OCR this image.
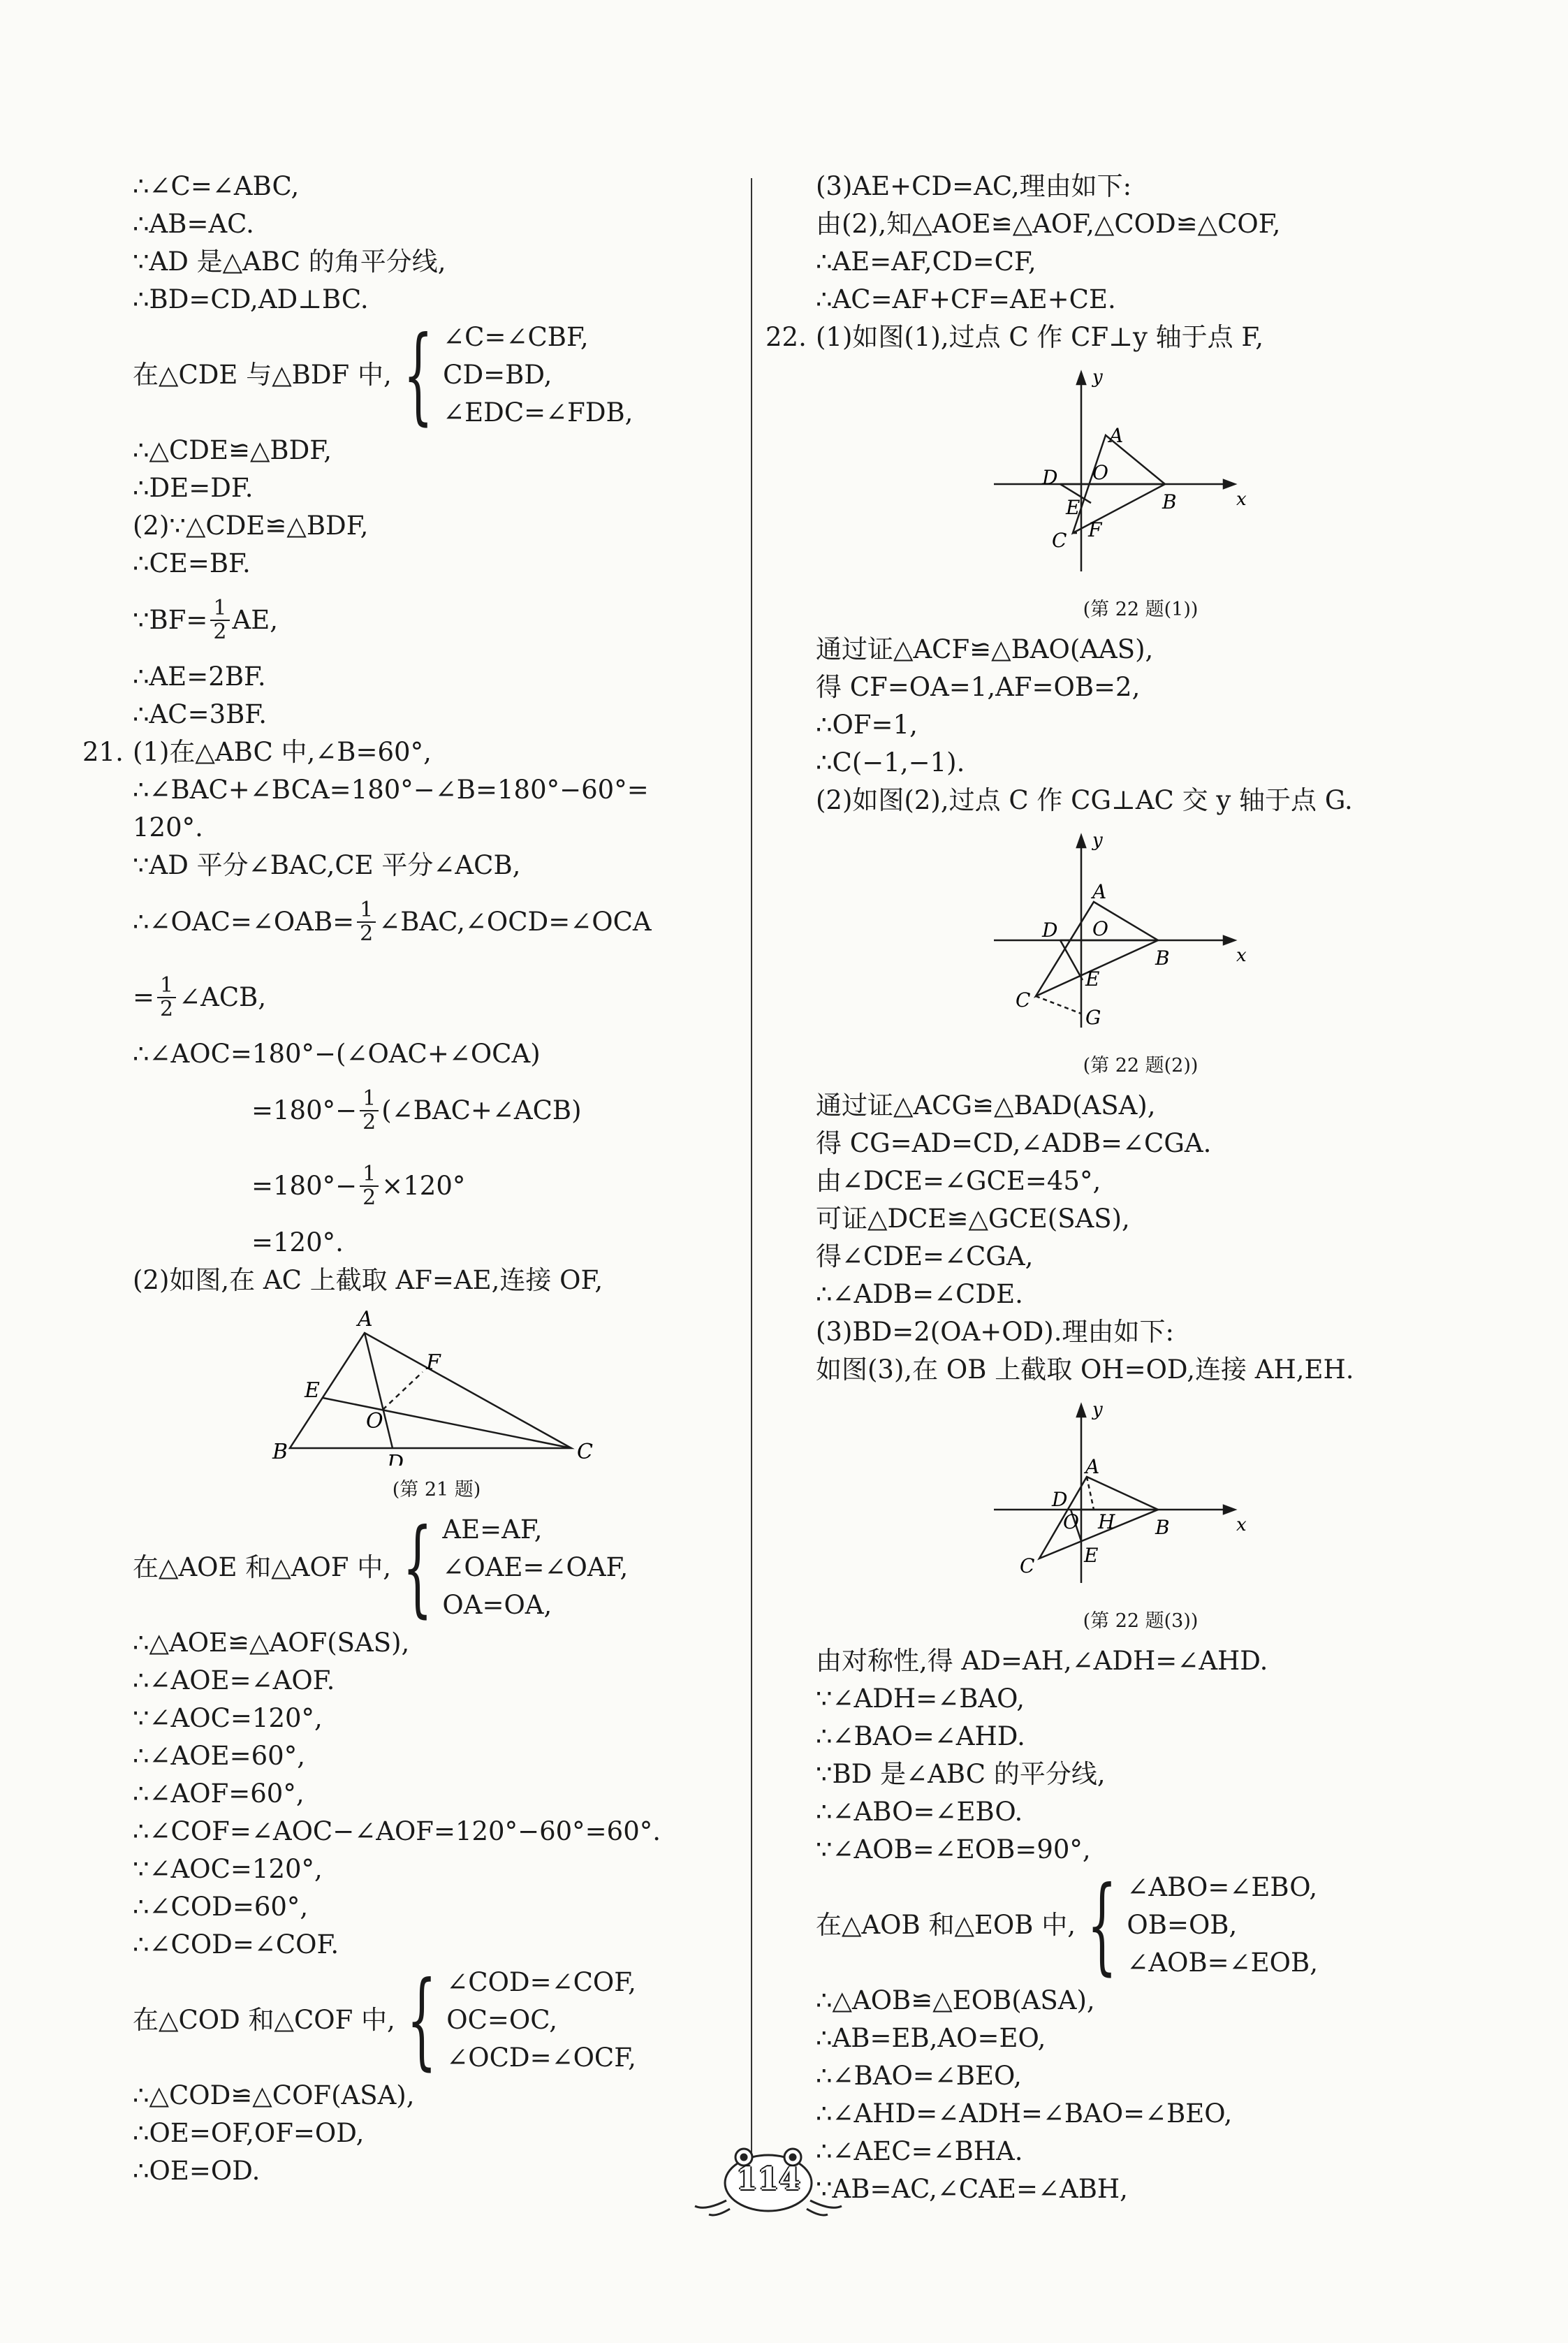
∴∠C=∠ABC,
∴AB=AC.
∵AD 是△ABC 的角平分线,
∴BD=CD,AD⊥BC.
在△CDE 与△BDF 中, { ∠C=∠CBF,
CD=BD,
∠EDC=∠FDB,
∴△CDE≌△BDF,
∴DE=DF.
(2)∵△CDE≌△BDF,
∴CE=BF.
∵BF= $\frac{1}{2}$ AE,
∴AE=2BF.
∴AC=3BF.
21. (1)在△ABC 中,∠B=60°,
∴∠BAC+∠BCA=180°−∠B=180°−60°=
120°.
∵AD 平分∠BAC,CE 平分∠ACB,
∴∠OAC=∠OAB= $\frac{1}{2}$ ∠BAC,∠OCD=∠OCA
= $\frac{1}{2}$ ∠ACB,
∴∠AOC=180°−(∠OAC+∠OCA)
$=180^\circ- \frac{1}{2}$ (∠BAC+∠ACB)
$=180^\circ- \frac{1}{2} \times 120^\circ$
=120°.
(2)如图,在 AC 上截取 AF=AE,连接 OF,
A
B	C
D
E
F
O
(第 21 题)
在△AOE 和△AOF 中, { AE=AF,
∠OAE=∠OAF,
OA=OA,
∴△AOE≌△AOF(SAS),
∴∠AOE=∠AOF.
∵∠AOC=120°,
∴∠AOE=60°,
∴∠AOF=60°,
∴∠COF=∠AOC−∠AOF=120°−60°=60°.
∵∠AOC=120°,
∴∠COD=60°,
∴∠COD=∠COF.
在△COD 和△COF 中, { ∠COD=∠COF,
OC=OC,
∠OCD=∠OCF,
∴△COD≌△COF(ASA),
∴OE=OF,OF=OD,
∴OE=OD.
(3)AE+CD=AC,理由如下:
由(2),知△AOE≌△AOF,△COD≌△COF,
∴AE=AF,CD=CF,
∴AC=AF+CF=AE+CE.
22. (1)如图(1),过点 C 作 CF⊥y 轴于点 F,
y
x
A
B
C
D
E
F
O
(第 22 题(1))
通过证△ACF≌△BAO(AAS),
得 CF=OA=1,AF=OB=2,
∴OF=1,
∴C(−1,−1).
(2)如图(2),过点 C 作 CG⊥AC 交 y 轴于点 G.
y
x
A
B
C
D
E
G
O
(第 22 题(2))
通过证△ACG≌△BAD(ASA),
得 CG=AD=CD,∠ADB=∠CGA.
由∠DCE=∠GCE=45°,
可证△DCE≌△GCE(SAS),
得∠CDE=∠CGA,
∴∠ADB=∠CDE.
(3)BD=2(OA+OD).理由如下:
如图(3),在 OB 上截取 OH=OD,连接 AH,EH.
y
x
A
B
C
D
E
H
O
(第 22 题(3))
由对称性,得 AD=AH,∠ADH=∠AHD.
∵∠ADH=∠BAO,
∴∠BAO=∠AHD.
∵BD 是∠ABC 的平分线,
∴∠ABO=∠EBO.
∵∠AOB=∠EOB=90°,
在△AOB 和△EOB 中, { ∠ABO=∠EBO,
OB=OB,
∠AOB=∠EOB,
∴△AOB≌△EOB(ASA),
∴AB=EB,AO=EO,
∴∠BAO=∠BEO,
∴∠AHD=∠ADH=∠BAO=∠BEO,
∴∠AEC=∠BHA.
∵AB=AC,∠CAE=∠ABH,
114
